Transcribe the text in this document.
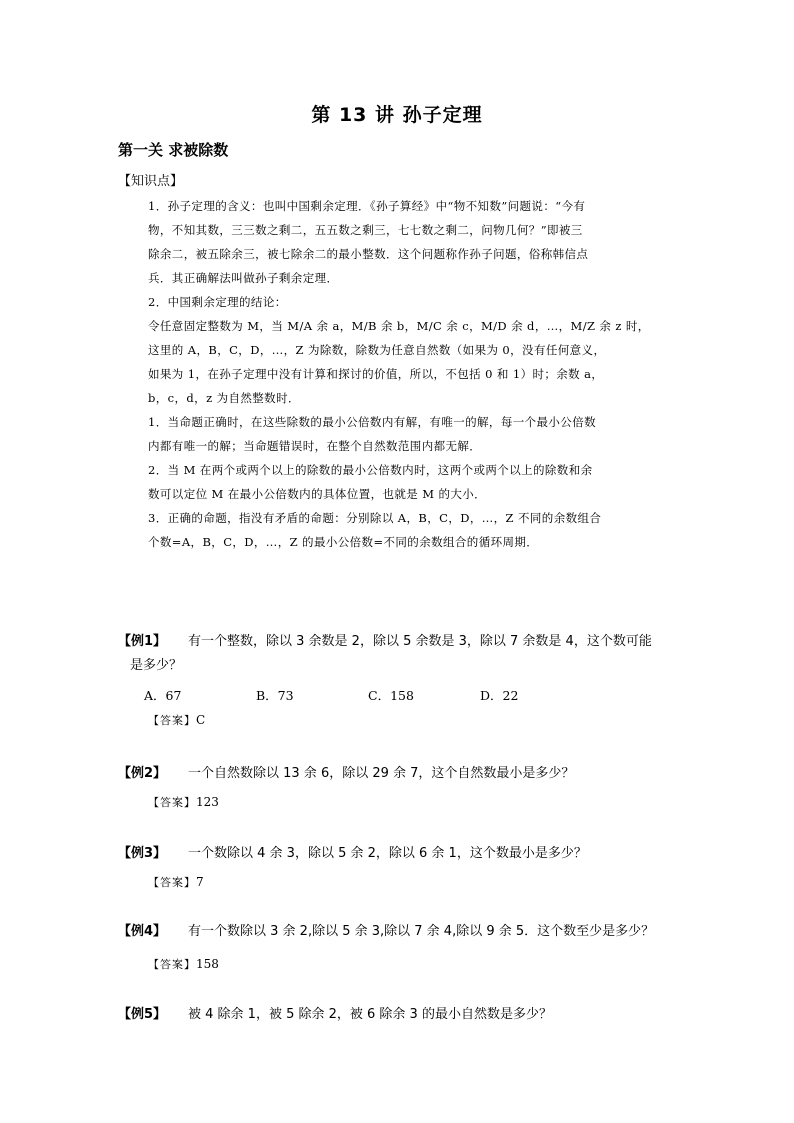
第 13 讲 孙子定理
第一关 求被除数
【知识点】

1．孙子定理的含义：也叫中国剩余定理．《孙子算经》中“物不知数”问题说：“今有

物，不知其数，三三数之剩二，五五数之剩三，七七数之剩二，问物几何？”即被三

除余二，被五除余三，被七除余二的最小整数．这个问题称作孙子问题，俗称韩信点

兵．其正确解法叫做孙子剩余定理．

2．中国剩余定理的结论：

令任意固定整数为 M，当 M/A 余 a，M/B 余 b，M/C 余 c，M/D 余 d，…，M/Z 余 z 时，

这里的 A，B，C，D，…，Z 为除数，除数为任意自然数（如果为 0，没有任何意义，

如果为 1，在孙子定理中没有计算和探讨的价值，所以，不包括 0 和 1）时；余数 a，

b，c，d，z 为自然整数时．

1．当命题正确时，在这些除数的最小公倍数内有解，有唯一的解，每一个最小公倍数

内都有唯一的解；当命题错误时，在整个自然数范围内都无解．

2．当 M 在两个或两个以上的除数的最小公倍数内时，这两个或两个以上的除数和余

数可以定位 M 在最小公倍数内的具体位置，也就是 M 的大小．

3．正确的命题，指没有矛盾的命题：分别除以 A，B，C，D，…，Z 不同的余数组合

个数=A，B，C，D，…，Z 的最小公倍数=不同的余数组合的循环周期．

【例1】 有一个整数，除以 3 余数是 2，除以 5 余数是 3，除以 7 余数是 4，这个数可能
是多少？
A．67	B．73	C．158	D．22
【答案】C
【例2】 一个自然数除以 13 余 6，除以 29 余 7，这个自然数最小是多少？
【答案】123
【例3】 一个数除以 4 余 3，除以 5 余 2，除以 6 余 1，这个数最小是多少？
【答案】7
【例4】 有一个数除以 3 余 2,除以 5 余 3,除以 7 余 4,除以 9 余 5．这个数至少是多少？
【答案】158
【例5】 被 4 除余 1，被 5 除余 2，被 6 除余 3 的最小自然数是多少？
